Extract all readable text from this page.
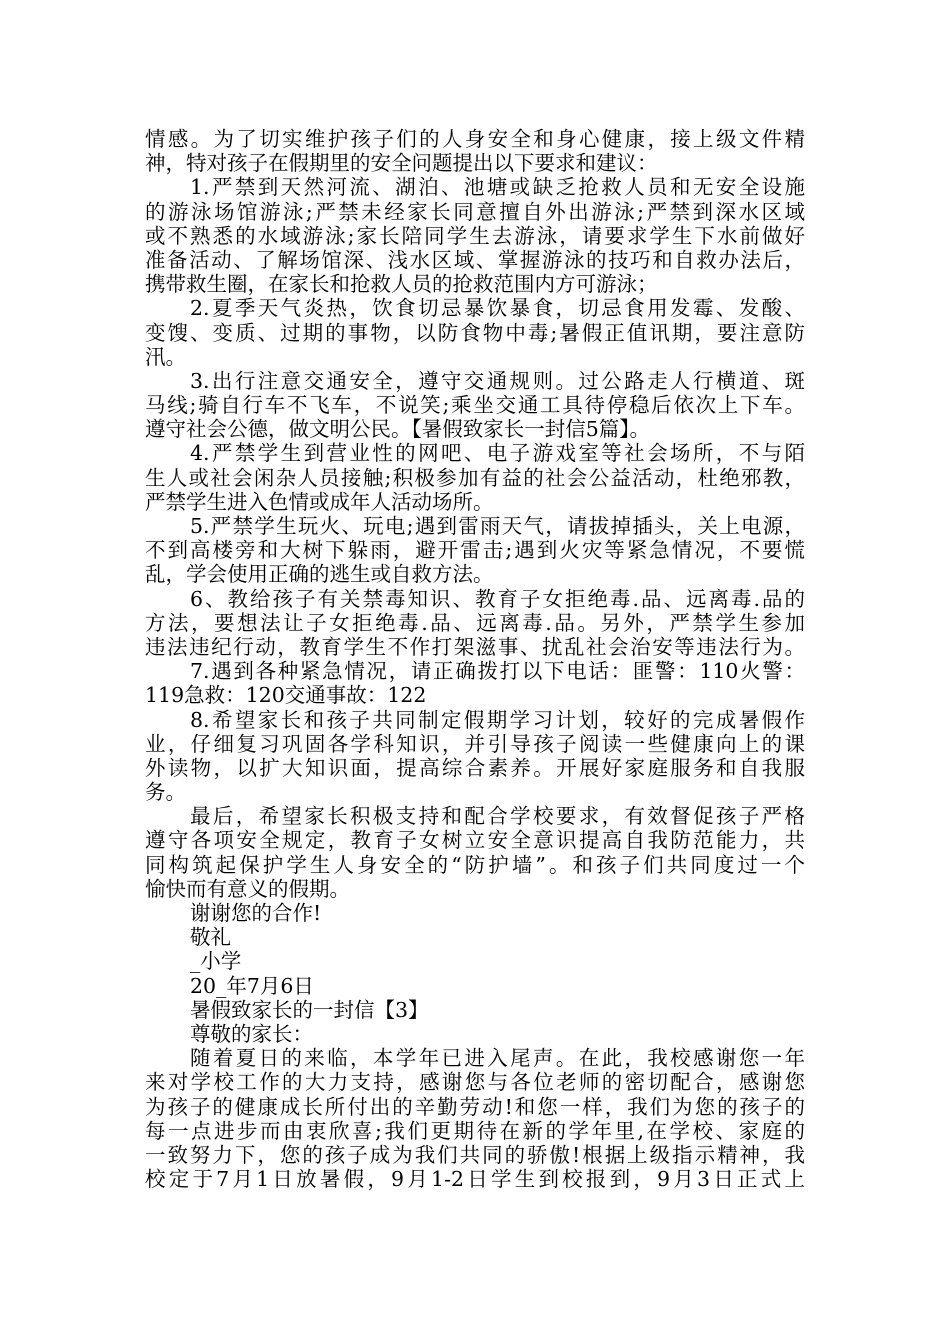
情感。为了切实维护孩子们的人身安全和身心健康，接上级文件精
神，特对孩子在假期里的安全问题提出以下要求和建议：
1.严禁到天然河流、湖泊、池塘或缺乏抢救人员和无安全设施
的游泳场馆游泳;严禁未经家长同意擅自外出游泳;严禁到深水区域
或不熟悉的水域游泳;家长陪同学生去游泳，请要求学生下水前做好
准备活动、了解场馆深、浅水区域、掌握游泳的技巧和自救办法后，
携带救生圈，在家长和抢救人员的抢救范围内方可游泳；
2.夏季天气炎热，饮食切忌暴饮暴食，切忌食用发霉、发酸、
变馊、变质、过期的事物，以防食物中毒;暑假正值讯期，要注意防
汛。
3.出行注意交通安全，遵守交通规则。过公路走人行横道、斑
马线;骑自行车不飞车，不说笑;乘坐交通工具待停稳后依次上下车。
遵守社会公德，做文明公民。【暑假致家长一封信5篇】。
4.严禁学生到营业性的网吧、电子游戏室等社会场所，不与陌
生人或社会闲杂人员接触;积极参加有益的社会公益活动，杜绝邪教，
严禁学生进入色情或成年人活动场所。
5.严禁学生玩火、玩电;遇到雷雨天气，请拔掉插头，关上电源，
不到高楼旁和大树下躲雨，避开雷击;遇到火灾等紧急情况，不要慌
乱，学会使用正确的逃生或自救方法。
6、教给孩子有关禁毒知识、教育子女拒绝毒.品、远离毒.品的
方法，要想法让子女拒绝毒.品、远离毒.品。另外，严禁学生参加
违法违纪行动，教育学生不作打架滋事、扰乱社会治安等违法行为。
7.遇到各种紧急情况，请正确拨打以下电话：匪警：110火警：
119急救：120交通事故：122
8.希望家长和孩子共同制定假期学习计划，较好的完成暑假作
业，仔细复习巩固各学科知识，并引导孩子阅读一些健康向上的课
外读物，以扩大知识面，提高综合素养。开展好家庭服务和自我服
务。
最后，希望家长积极支持和配合学校要求，有效督促孩子严格
遵守各项安全规定，教育子女树立安全意识提高自我防范能力，共
同构筑起保护学生人身安全的“防护墙”。和孩子们共同度过一个
愉快而有意义的假期。
谢谢您的合作!
敬礼
_小学
20_年7月6日
暑假致家长的一封信【3】
尊敬的家长：
随着夏日的来临，本学年已进入尾声。在此，我校感谢您一年
来对学校工作的大力支持，感谢您与各位老师的密切配合，感谢您
为孩子的健康成长所付出的辛勤劳动!和您一样，我们为您的孩子的
每一点进步而由衷欣喜;我们更期待在新的学年里,在学校、家庭的
一致努力下，您的孩子成为我们共同的骄傲!根据上级指示精神，我
校定于7月1日放暑假，9月1-2日学生到校报到，9月3日正式上
